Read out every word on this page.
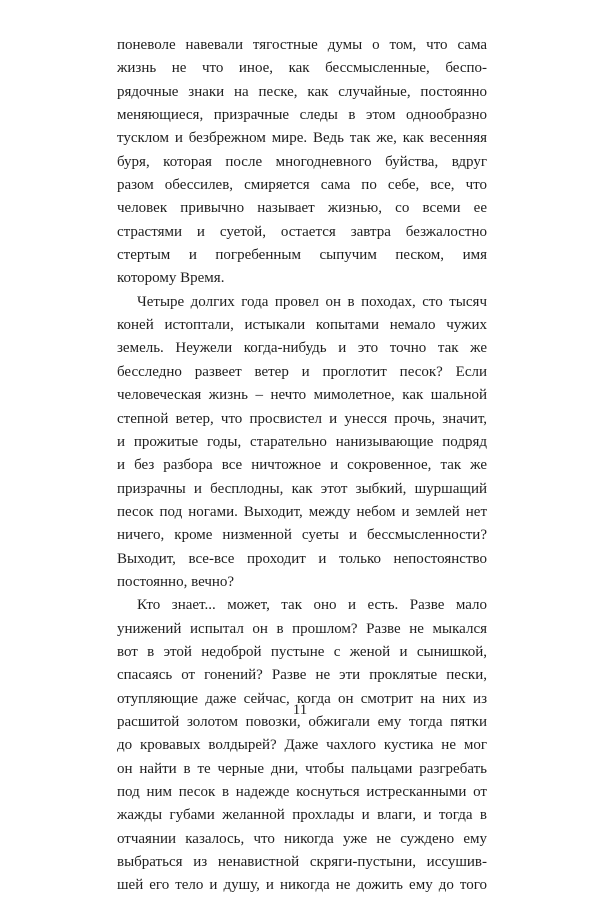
поневоле навевали тягостные думы о том, что сама
жизнь не что иное, как бессмысленные, беспо-
рядочные знаки на песке, как случайные, постоянно
меняющиеся, призрачные следы в этом однообразно
тусклом и безбрежном мире. Ведь так же, как весенняя
буря, которая после многодневного буйства, вдруг
разом обессилев, смиряется сама по себе, все, что
человек привычно называет жизнью, со всеми ее
страстями и суетой, остается завтра безжалостно
стертым и погребенным сыпучим песком, имя
которому Время.
Четыре долгих года провел он в походах, сто тысяч
коней истоптали, истыкали копытами немало чужих
земель. Неужели когда-нибудь и это точно так же
бесследно развеет ветер и проглотит песок? Если
человеческая жизнь – нечто мимолетное, как шальной
степной ветер, что просвистел и унесся прочь, значит,
и прожитые годы, старательно нанизывающие подряд
и без разбора все ничтожное и сокровенное, так же
призрачны и бесплодны, как этот зыбкий, шуршащий
песок под ногами. Выходит, между небом и землей нет
ничего, кроме низменной суеты и бессмысленности?
Выходит, все-все проходит и только непостоянство
постоянно, вечно?
Кто знает... может, так оно и есть. Разве мало
унижений испытал он в прошлом? Разве не мыкался
вот в этой недоброй пустыне с женой и сынишкой,
спасаясь от гонений? Разве не эти проклятые пески,
отупляющие даже сейчас, когда он смотрит на них из
расшитой золотом повозки, обжигали ему тогда пятки
до кровавых волдырей? Даже чахлого кустика не мог
он найти в те черные дни, чтобы пальцами разгребать
под ним песок в надежде коснуться истресканными от
жажды губами желанной прохлады и влаги, и тогда в
отчаянии казалось, что никогда уже не суждено ему
выбраться из ненавистной скряги-пустыни, иссушив-
шей его тело и душу, и никогда не дожить ему до того
11
